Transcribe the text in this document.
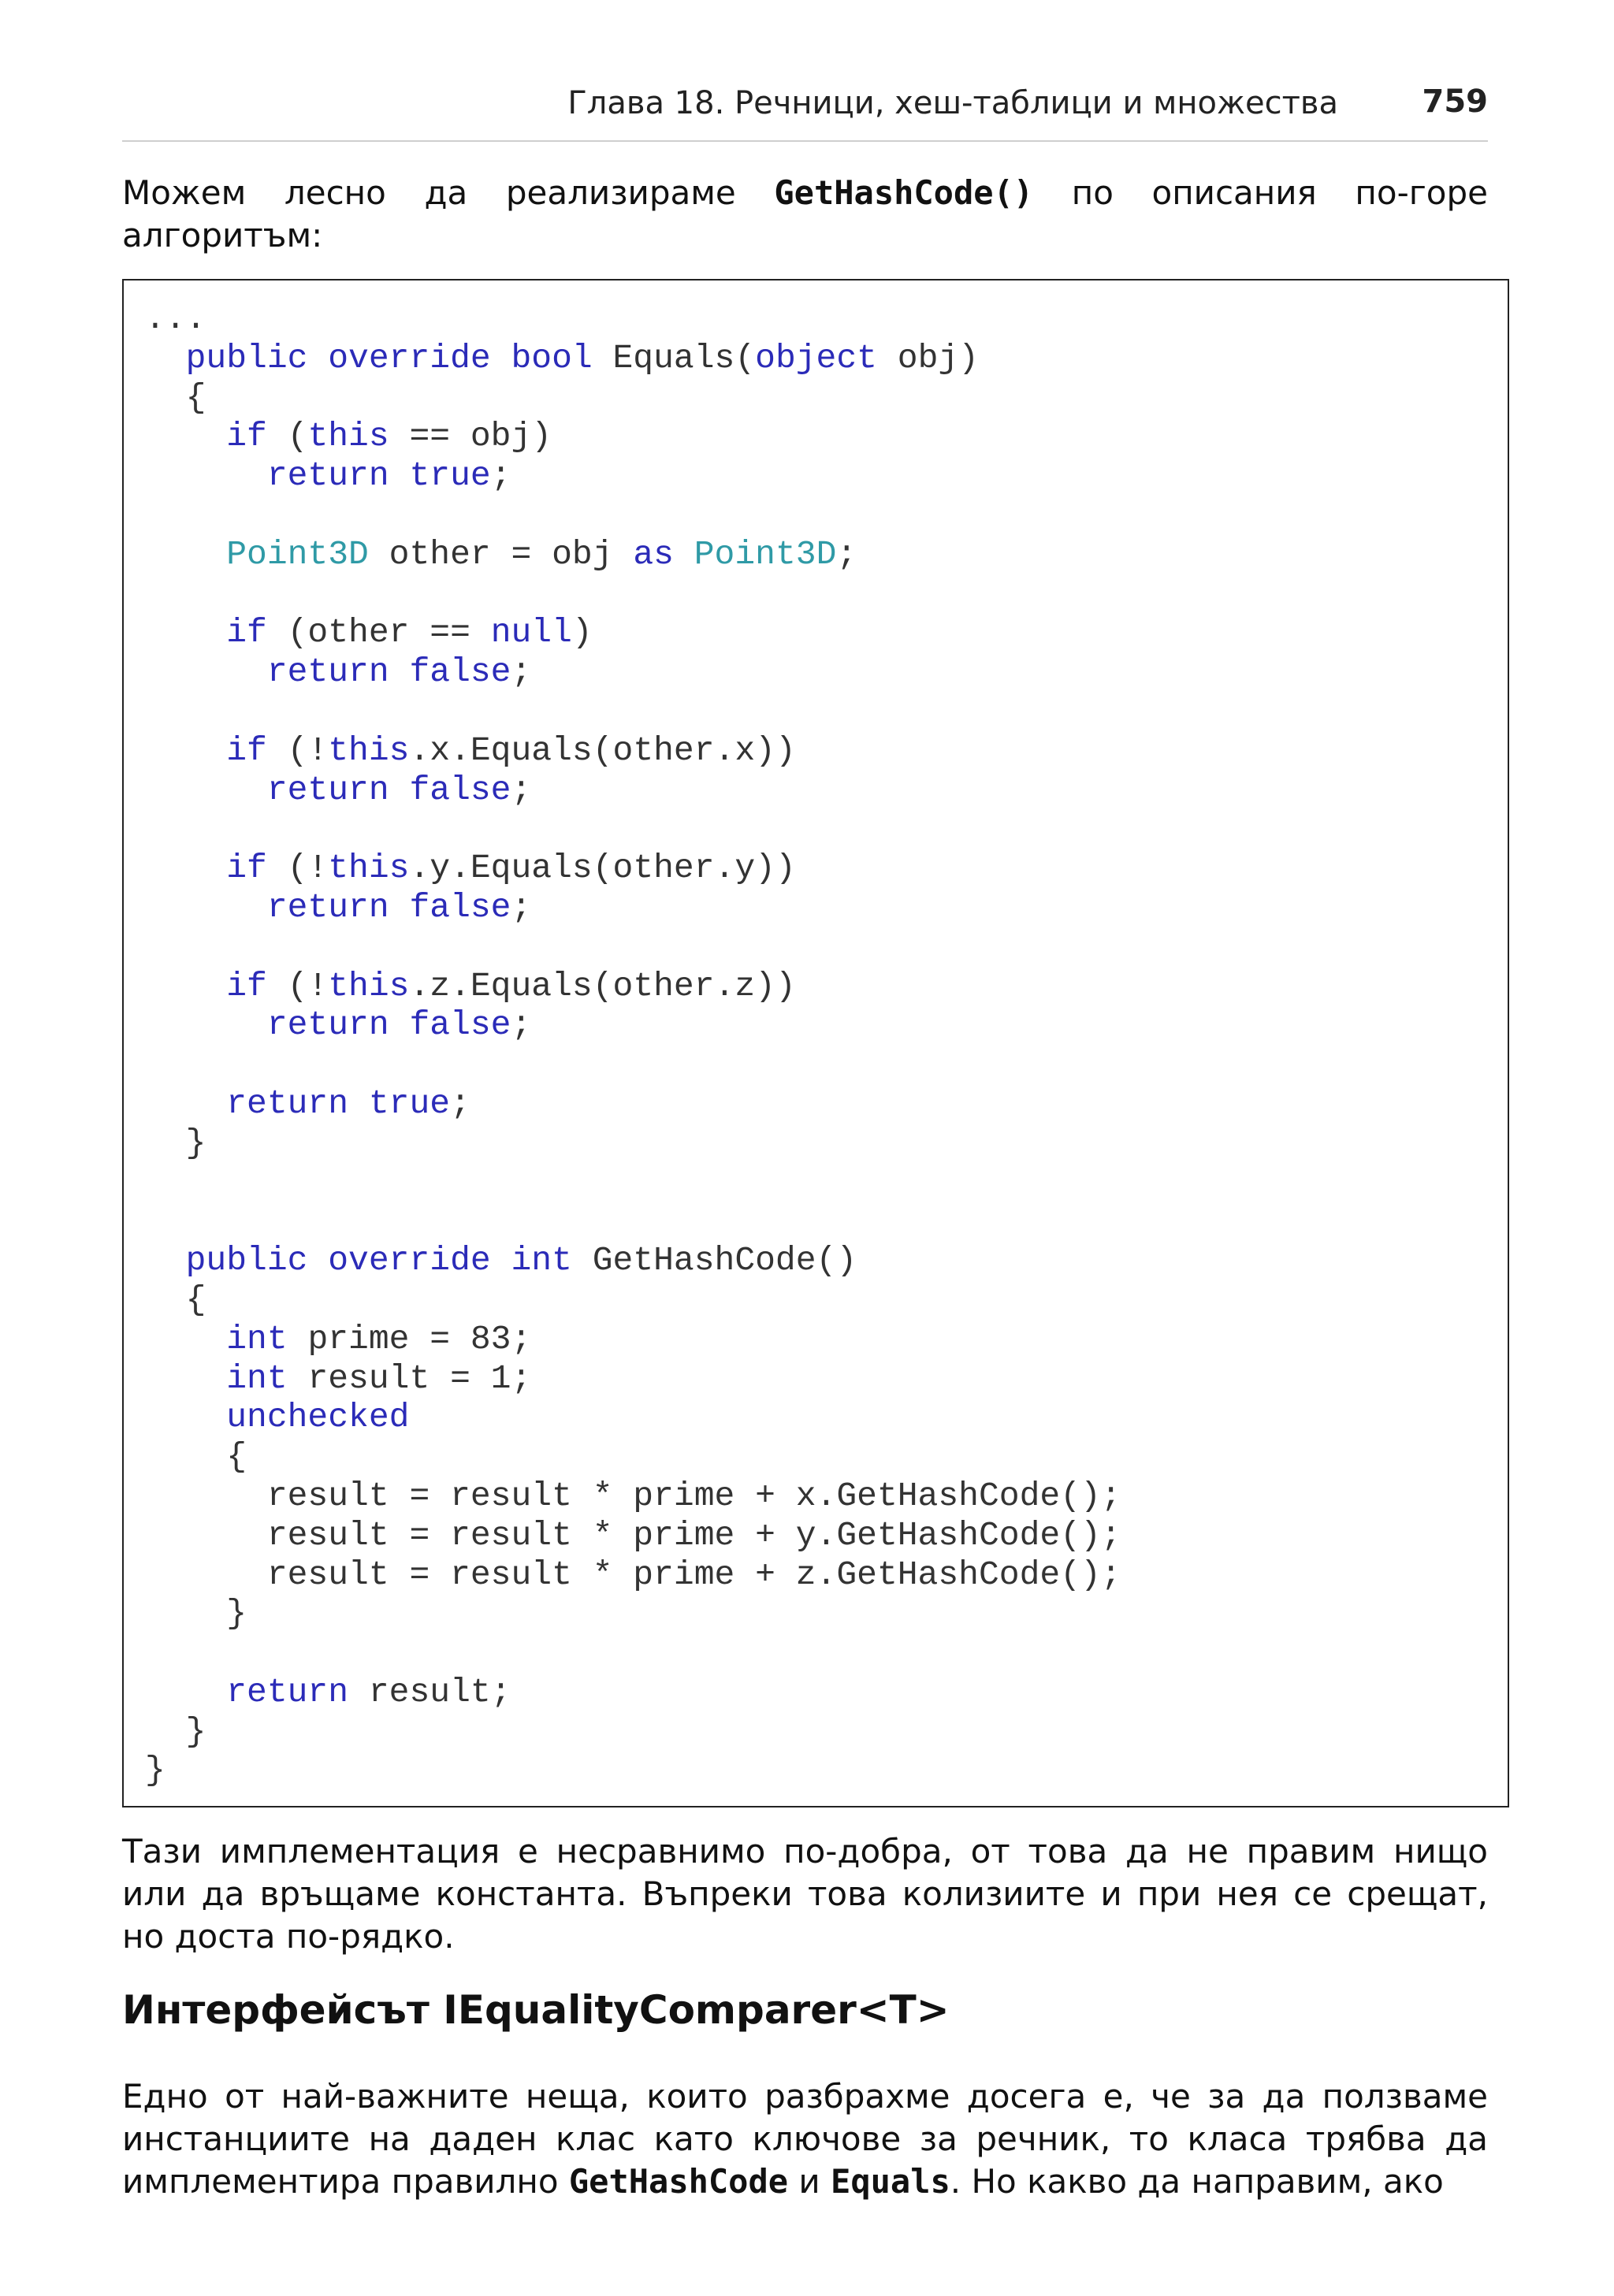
Глава 18. Речници, хеш-таблици и множества	759
Можем лесно да реализираме GetHashCode() по описания по-горе
алгоритъм:
...
public override bool Equals(object obj)
{
if (this == obj)
return true;
Point3D other = obj as Point3D;
if (other == null)
return false;
if (!this.x.Equals(other.x))
return false;
if (!this.y.Equals(other.y))
return false;
if (!this.z.Equals(other.z))
return false;
return true;
}
public override int GetHashCode()
{
int prime = 83;
int result = 1;
unchecked
{
result = result * prime + x.GetHashCode();
result = result * prime + y.GetHashCode();
result = result * prime + z.GetHashCode();
}
return result;
}
}
Тази имплементация е несравнимо по-добра, от това да не правим нищо или да връщаме константа. Въпреки това колизиите и при нея се срещат, но доста по-рядко.
Интерфейсът IEqualityComparer<T>
Едно от най-важните неща, които разбрахме досега е, че за да ползваме инстанциите на даден клас като ключове за речник, то класа трябва да имплементира правилно GetHashCode и Equals. Но какво да направим, ако
